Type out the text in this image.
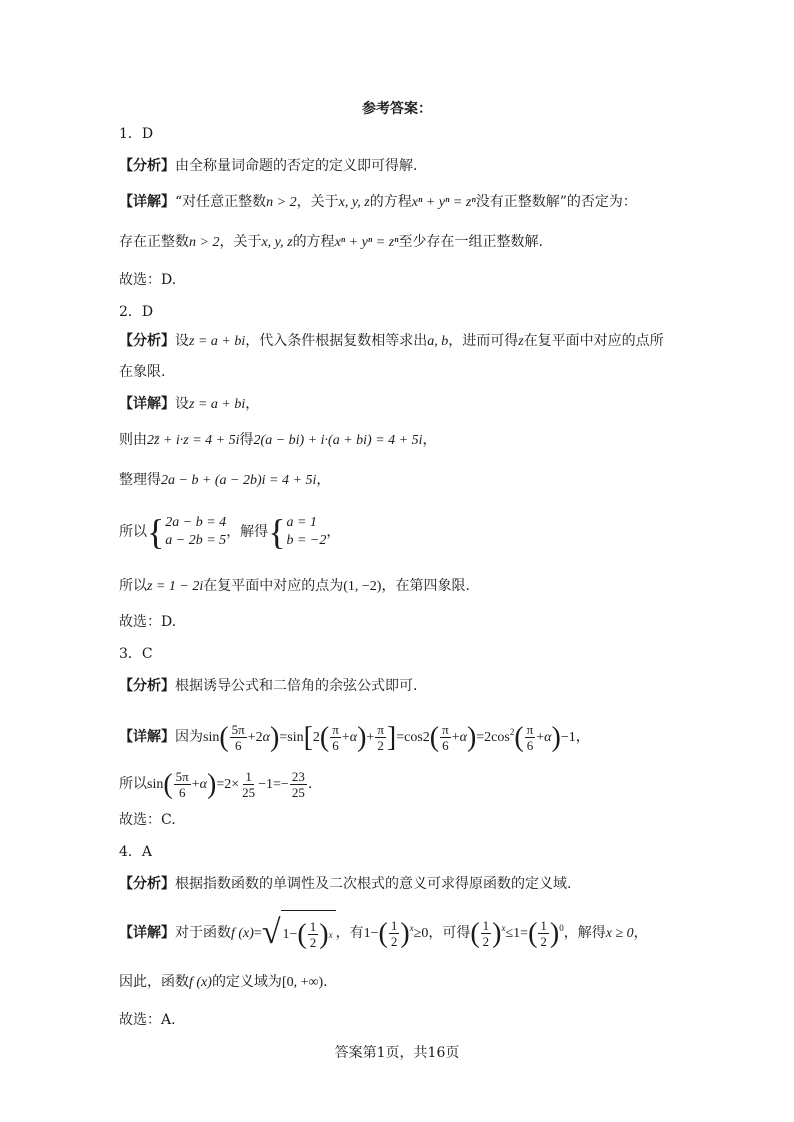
参考答案：
1．D
【分析】由全称量词命题的否定的定义即可得解.
【详解】“对任意正整数n > 2，关于x, y, z的方程xⁿ + yⁿ = zⁿ没有正整数解”的否定为：
存在正整数n > 2，关于x, y, z的方程xⁿ + yⁿ = zⁿ至少存在一组正整数解.
故选：D.
2．D
【分析】设z = a + bi，代入条件根据复数相等求出a, b，进而可得z在复平面中对应的点所
在象限.
【详解】设z = a + bi，
则由2z̄ + i·z = 4 + 5i得2(a − bi) + i·(a + bi) = 4 + 5i，
整理得2a − b + (a − 2b)i = 4 + 5i，
所以 { 2a − b = 4
a − 2b = 5
，解得 { a = 1
b = −2
，
所以z = 1 − 2i在复平面中对应的点为(1, −2)，在第四象限.
故选：D.
3．C
【分析】根据诱导公式和二倍角的余弦公式即可.
【详解】因为$\sin( \frac{5\pi}{6} +2\alpha)=\sin[2( \frac{\pi}{6} +\alpha)+ \frac{\pi}{2} ]=\cos 2( \frac{\pi}{6} +\alpha)=2\cos^2( \frac{\pi}{6} +\alpha)-1$，
所以$\sin( \frac{5\pi}{6} +\alpha)=2\times \frac{1}{25} -1=- \frac{23}{25}$ .
故选：C.
4．A
【分析】根据指数函数的单调性及二次根式的意义可求得原函数的定义域.
【详解】对于函数f (x)= √ 1− ( $\frac{1}{2}$ ) x ，有$1-( \frac{1}{2} )^x\ge 0$，可得( $\frac{1}{2} )^x\le 1=( \frac{1}{2} )^0$，解得x ≥ 0，
因此，函数f (x)的定义域为[0, +∞).
故选：A.
答案第1页，共16页
